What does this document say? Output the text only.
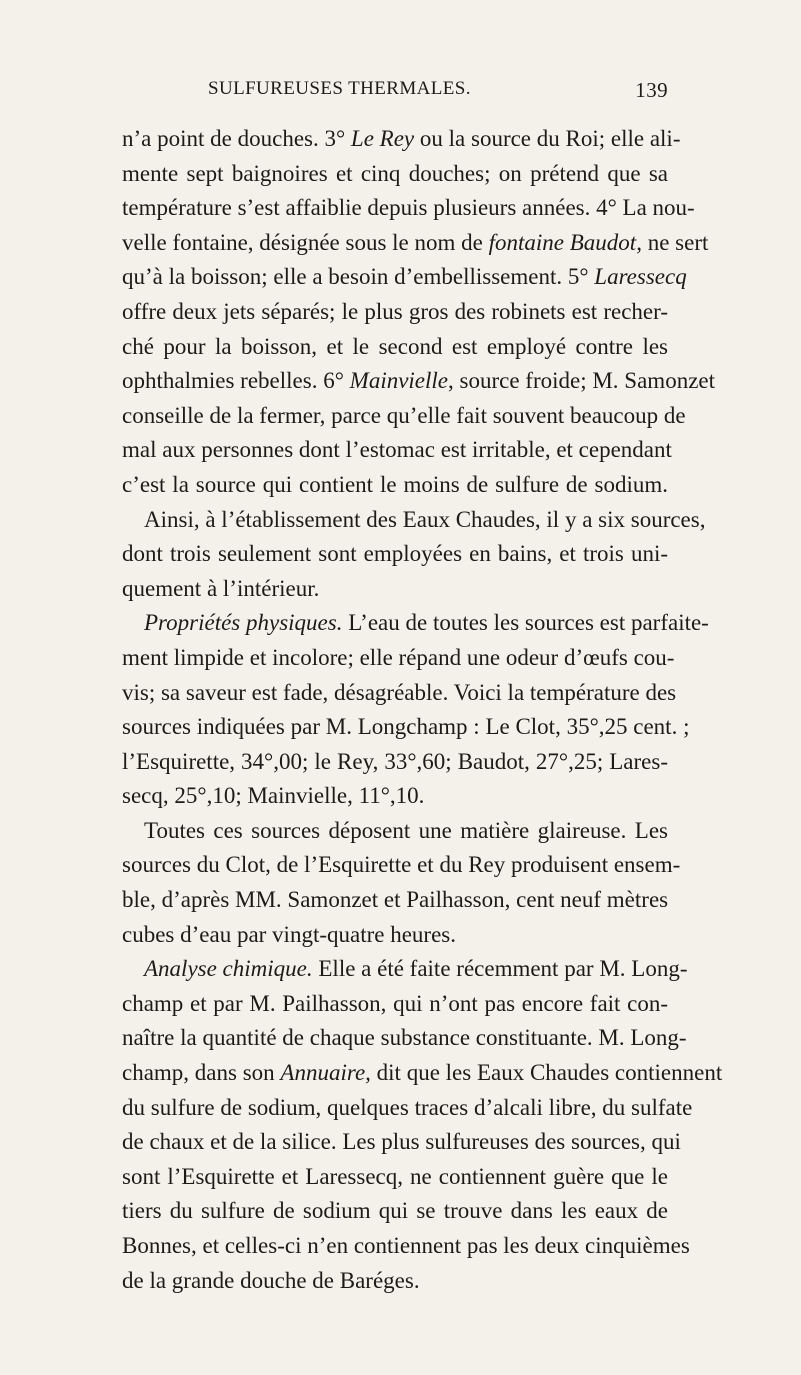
SULFUREUSES THERMALES.	139
n’a point de douches. 3° Le Rey ou la source du Roi; elle ali-
mente sept baignoires et cinq douches; on prétend que sa
température s’est affaiblie depuis plusieurs années. 4° La nou-
velle fontaine, désignée sous le nom de fontaine Baudot, ne sert
qu’à la boisson; elle a besoin d’embellissement. 5° Laressecq
offre deux jets séparés; le plus gros des robinets est recher-
ché pour la boisson, et le second est employé contre les
ophthalmies rebelles. 6° Mainvielle, source froide; M. Samonzet
conseille de la fermer, parce qu’elle fait souvent beaucoup de
mal aux personnes dont l’estomac est irritable, et cependant
c’est la source qui contient le moins de sulfure de sodium.
Ainsi, à l’établissement des Eaux Chaudes, il y a six sources,
dont trois seulement sont employées en bains, et trois uni-
quement à l’intérieur.
Propriétés physiques. L’eau de toutes les sources est parfaite-
ment limpide et incolore; elle répand une odeur d’œufs cou-
vis; sa saveur est fade, désagréable. Voici la température des
sources indiquées par M. Longchamp : Le Clot, 35°,25 cent. ;
l’Esquirette, 34°,00; le Rey, 33°,60; Baudot, 27°,25; Lares-
secq, 25°,10; Mainvielle, 11°,10.
Toutes ces sources déposent une matière glaireuse. Les
sources du Clot, de l’Esquirette et du Rey produisent ensem-
ble, d’après MM. Samonzet et Pailhasson, cent neuf mètres
cubes d’eau par vingt-quatre heures.
Analyse chimique. Elle a été faite récemment par M. Long-
champ et par M. Pailhasson, qui n’ont pas encore fait con-
naître la quantité de chaque substance constituante. M. Long-
champ, dans son Annuaire, dit que les Eaux Chaudes contiennent
du sulfure de sodium, quelques traces d’alcali libre, du sulfate
de chaux et de la silice. Les plus sulfureuses des sources, qui
sont l’Esquirette et Laressecq, ne contiennent guère que le
tiers du sulfure de sodium qui se trouve dans les eaux de
Bonnes, et celles-ci n’en contiennent pas les deux cinquièmes
de la grande douche de Baréges.
